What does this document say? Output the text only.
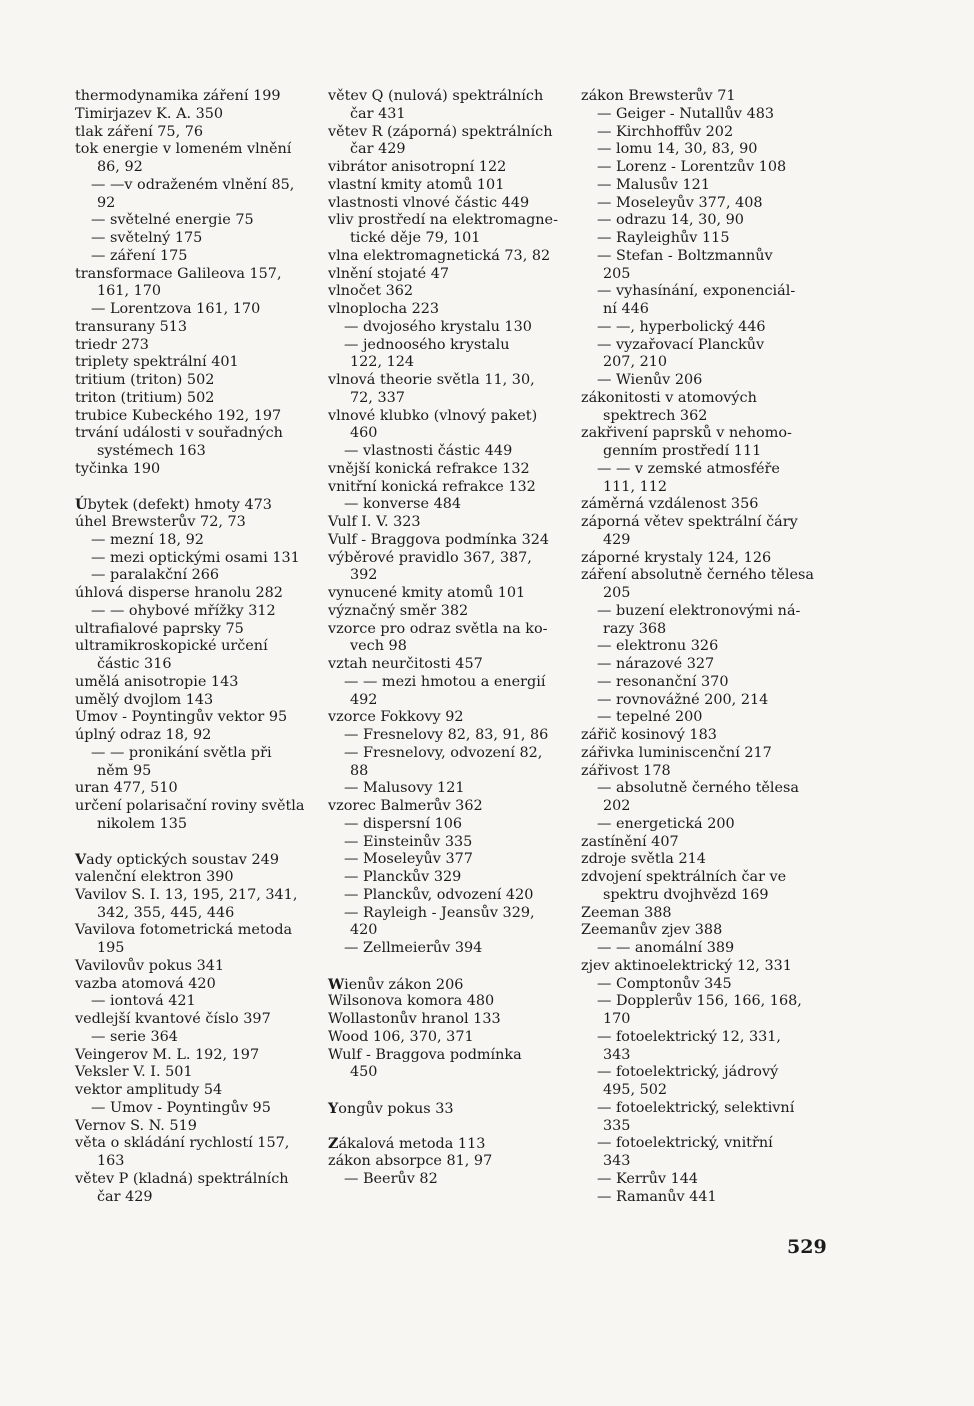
thermodynamika záření 199
Timirjazev K. A. 350
tlak záření 75, 76
tok energie v lomeném vlnění
86, 92
— —v odraženém vlnění 85,
92
— světelné energie 75
— světelný 175
— záření 175
transformace Galileova 157,
161, 170
— Lorentzova 161, 170
transurany 513
triedr 273
triplety spektrální 401
tritium (triton) 502
triton (tritium) 502
trubice Kubeckého 192, 197
trvání události v souřadných
systémech 163
tyčinka 190
Úbytek (defekt) hmoty 473
úhel Brewsterův 72, 73
— mezní 18, 92
— mezi optickými osami 131
— paralakční 266
úhlová disperse hranolu 282
— — ohybové mřížky 312
ultrafialové paprsky 75
ultramikroskopické určení
částic 316
umělá anisotropie 143
umělý dvojlom 143
Umov - Poyntingův vektor 95
úplný odraz 18, 92
— — pronikání světla při
něm 95
uran 477, 510
určení polarisační roviny světla
nikolem 135
Vady optických soustav 249
valenční elektron 390
Vavilov S. I. 13, 195, 217, 341,
342, 355, 445, 446
Vavilova fotometrická metoda
195
Vavilovův pokus 341
vazba atomová 420
— iontová 421
vedlejší kvantové číslo 397
— serie 364
Veingerov M. L. 192, 197
Veksler V. I. 501
vektor amplitudy 54
— Umov - Poyntingův 95
Vernov S. N. 519
věta o skládání rychlostí 157,
163
větev P (kladná) spektrálních
čar 429
větev Q (nulová) spektrálních
čar 431
větev R (záporná) spektrálních
čar 429
vibrátor anisotropní 122
vlastní kmity atomů 101
vlastnosti vlnové částic 449
vliv prostředí na elektromagne-
tické děje 79, 101
vlna elektromagnetická 73, 82
vlnění stojaté 47
vlnočet 362
vlnoplocha 223
— dvojosého krystalu 130
— jednoosého krystalu
122, 124
vlnová theorie světla 11, 30,
72, 337
vlnové klubko (vlnový paket)
460
— vlastnosti částic 449
vnější konická refrakce 132
vnitřní konická refrakce 132
— konverse 484
Vulf I. V. 323
Vulf - Braggova podmínka 324
výběrové pravidlo 367, 387,
392
vynucené kmity atomů 101
význačný směr 382
vzorce pro odraz světla na ko-
vech 98
vztah neurčitosti 457
— — mezi hmotou a energií
492
vzorce Fokkovy 92
— Fresnelovy 82, 83, 91, 86
— Fresnelovy, odvození 82,
88
— Malusovy 121
vzorec Balmerův 362
— dispersní 106
— Einsteinův 335
— Moseleyův 377
— Planckův 329
— Planckův, odvození 420
— Rayleigh - Jeansův 329,
420
— Zellmeierův 394
Wienův zákon 206
Wilsonova komora 480
Wollastonův hranol 133
Wood 106, 370, 371
Wulf - Braggova podmínka
450
Yongův pokus 33
Zákalová metoda 113
zákon absorpce 81, 97
— Beerův 82
zákon Brewsterův 71
— Geiger - Nutallův 483
— Kirchhoffův 202
— lomu 14, 30, 83, 90
— Lorenz - Lorentzův 108
— Malusův 121
— Moseleyův 377, 408
— odrazu 14, 30, 90
— Rayleighův 115
— Stefan - Boltzmannův
205
— vyhasínání, exponenciál-
ní 446
— —, hyperbolický 446
— vyzařovací Planckův
207, 210
— Wienův 206
zákonitosti v atomových
spektrech 362
zakřivení paprsků v nehomo-
genním prostředí 111
— — v zemské atmosféře
111, 112
záměrná vzdálenost 356
záporná větev spektrální čáry
429
záporné krystaly 124, 126
záření absolutně černého tělesa
205
— buzení elektronovými ná-
razy 368
— elektronu 326
— nárazové 327
— resonanční 370
— rovnovážné 200, 214
— tepelné 200
zářič kosinový 183
zářivka luminiscenční 217
zářivost 178
— absolutně černého tělesa
202
— energetická 200
zastínění 407
zdroje světla 214
zdvojení spektrálních čar ve
spektru dvojhvězd 169
Zeeman 388
Zeemanův zjev 388
— — anomální 389
zjev aktinoelektrický 12, 331
— Comptonův 345
— Dopplerův 156, 166, 168,
170
— fotoelektrický 12, 331,
343
— fotoelektrický, jádrový
495, 502
— fotoelektrický, selektivní
335
— fotoelektrický, vnitřní
343
— Kerrův 144
— Ramanův 441
529
